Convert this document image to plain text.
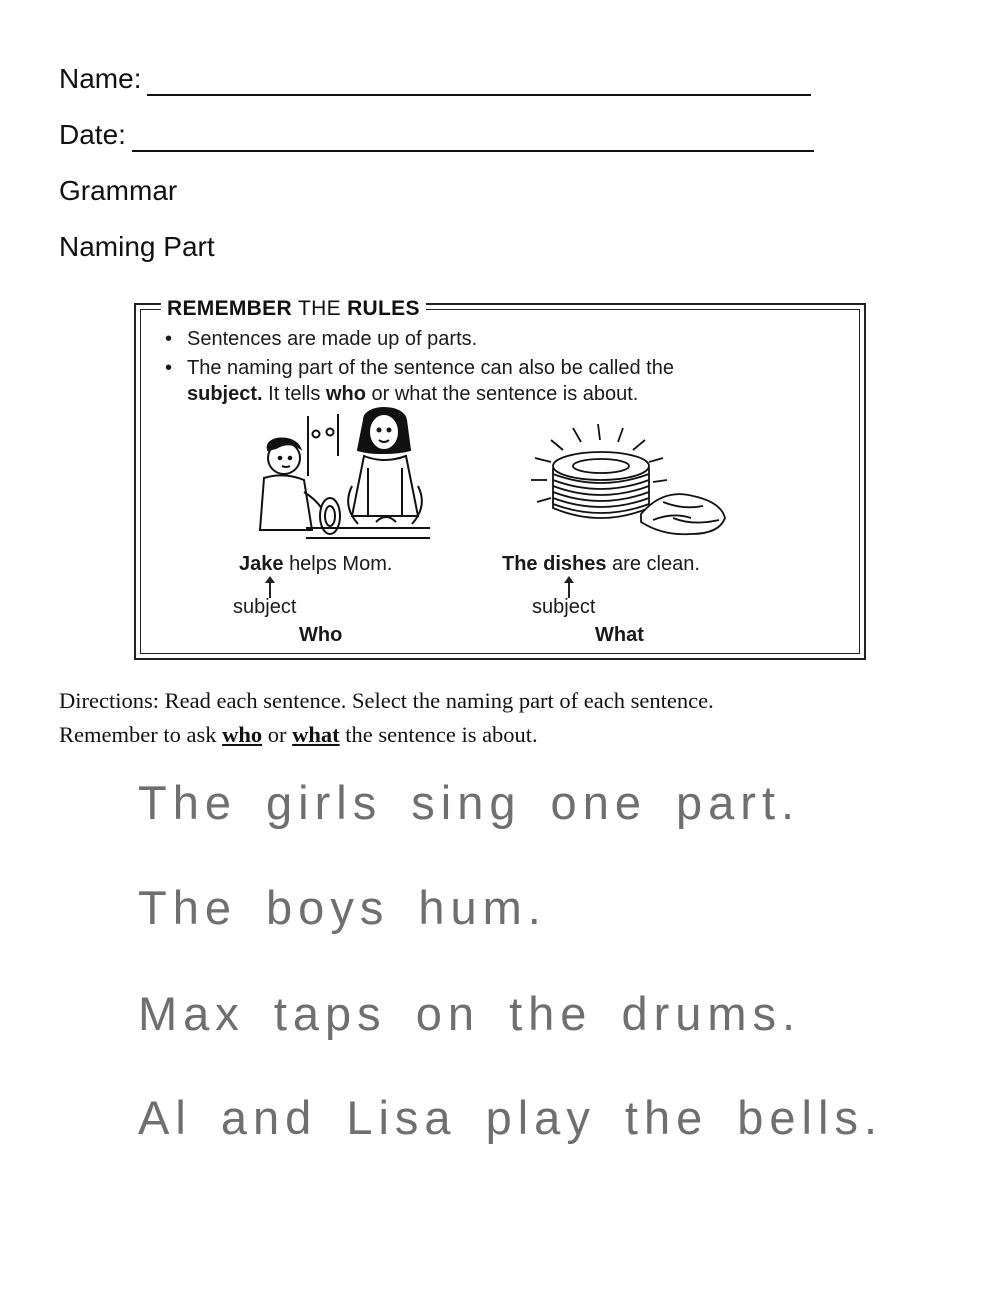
Name:
Date:
Grammar
Naming Part
REMEMBER THE RULES
• Sentences are made up of parts.
• The naming part of the sentence can also be called the
subject. It tells who or what the sentence is about.
Jake helps Mom.
subject
Who
The dishes are clean.
subject
What
Directions: Read each sentence. Select the naming part of each sentence.
Remember to ask who or what the sentence is about.
The girls sing one part.
The boys hum.
Max taps on the drums.
Al and Lisa play the bells.
